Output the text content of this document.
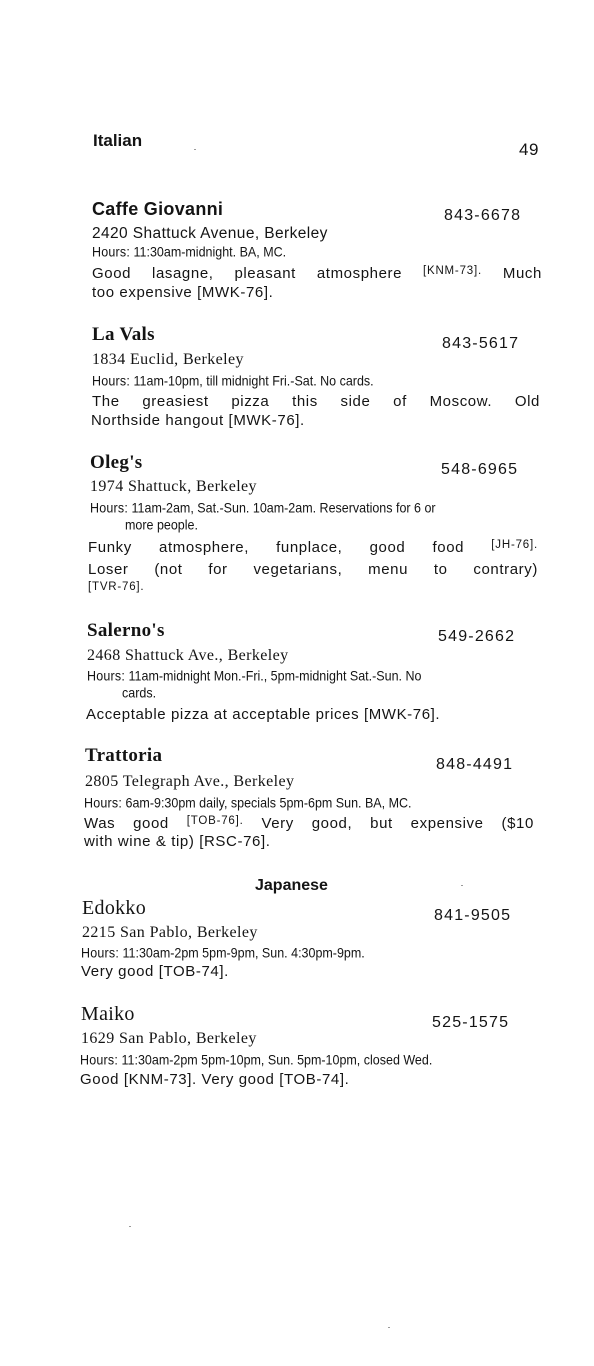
Italian	49
Caffe Giovanni	843-6678
2420 Shattuck Avenue, Berkeley
Hours: 11:30am-midnight. BA, MC.
Good lasagne, pleasant atmosphere [KNM-73]. Much
too expensive [MWK-76].
La Vals	843-5617
1834 Euclid, Berkeley
Hours: 11am-10pm, till midnight Fri.-Sat. No cards.
The greasiest pizza this side of Moscow. Old
Northside hangout [MWK-76].
Oleg's	548-6965
1974 Shattuck, Berkeley
Hours: 11am-2am, Sat.-Sun. 10am-2am. Reservations for 6 or
more people.
Funky atmosphere, funplace, good food [JH-76].
Loser (not for vegetarians, menu to contrary)
[TVR-76].
Salerno's	549-2662
2468 Shattuck Ave., Berkeley
Hours: 11am-midnight Mon.-Fri., 5pm-midnight Sat.-Sun. No
cards.
Acceptable pizza at acceptable prices [MWK-76].
Trattoria	848-4491
2805 Telegraph Ave., Berkeley
Hours: 6am-9:30pm daily, specials 5pm-6pm Sun. BA, MC.
Was good [TOB-76]. Very good, but expensive ($10
with wine & tip) [RSC-76].
Japanese
Edokko	841-9505
2215 San Pablo, Berkeley
Hours: 11:30am-2pm 5pm-9pm, Sun. 4:30pm-9pm.
Very good [TOB-74].
Maiko	525-1575
1629 San Pablo, Berkeley
Hours: 11:30am-2pm 5pm-10pm, Sun. 5pm-10pm, closed Wed.
Good [KNM-73]. Very good [TOB-74].
